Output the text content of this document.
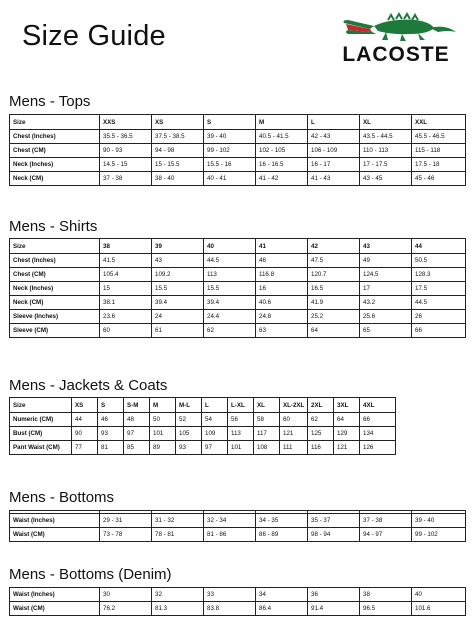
Size Guide
LACOSTE
Mens - Tops
Size	XXS	XS	S	M	L	XL	XXL
Chest (Inches)	35.5 - 36.5	37.5 - 38.5	39 - 40	40.5 - 41.5	42 - 43	43.5 - 44.5	45.5 - 46.5
Chest (CM)	90 - 93	94 - 98	99 - 102	102 - 105	106 - 109	110 - 113	115 - 118
Neck (Inches)	14.5 - 15	15 - 15.5	15.5 - 16	16 - 16.5	16 - 17	17 - 17.5	17.5 - 18
Neck (CM)	37 - 38	38 - 40	40 - 41	41 - 42	41 - 43	43 - 45	45 - 46
Mens - Shirts
Size	38	39	40	41	42	43	44
Chest (Inches)	41.5	43	44.5	46	47.5	49	50.5
Chest (CM)	105.4	109.2	113	116.8	120.7	124.5	128.3
Neck (Inches)	15	15.5	15.5	16	16.5	17	17.5
Neck (CM)	38.1	39.4	39.4	40.6	41.9	43.2	44.5
Sleeve (Inches)	23.6	24	24.4	24.8	25.2	25.6	26
Sleeve (CM)	60	61	62	63	64	65	66
Mens - Jackets & Coats
Size	XS	S	S-M	M	M-L	L	L-XL	XL	XL-2XL	2XL	3XL	4XL
Numeric (CM)	44	46	48	50	52	54	56	58	60	62	64	66
Bust (CM)	90	93	97	101	105	109	113	117	121	125	129	134
Pant Waist (CM)	77	81	85	89	93	97	101	108	111	116	121	126
Mens - Bottoms

Waist (Inches)	29 - 31	31 - 32	32 - 34	34 - 35	35 - 37	37 - 38	39 - 40
Waist (CM)	73 - 78	78 - 81	81 - 86	86 - 89	98 - 94	94 - 97	99 - 102
Mens - Bottoms (Denim)
Waist (Inches)	30	32	33	34	36	38	40
Waist (CM)	76.2	81.3	83.8	86.4	91.4	96.5	101.6
